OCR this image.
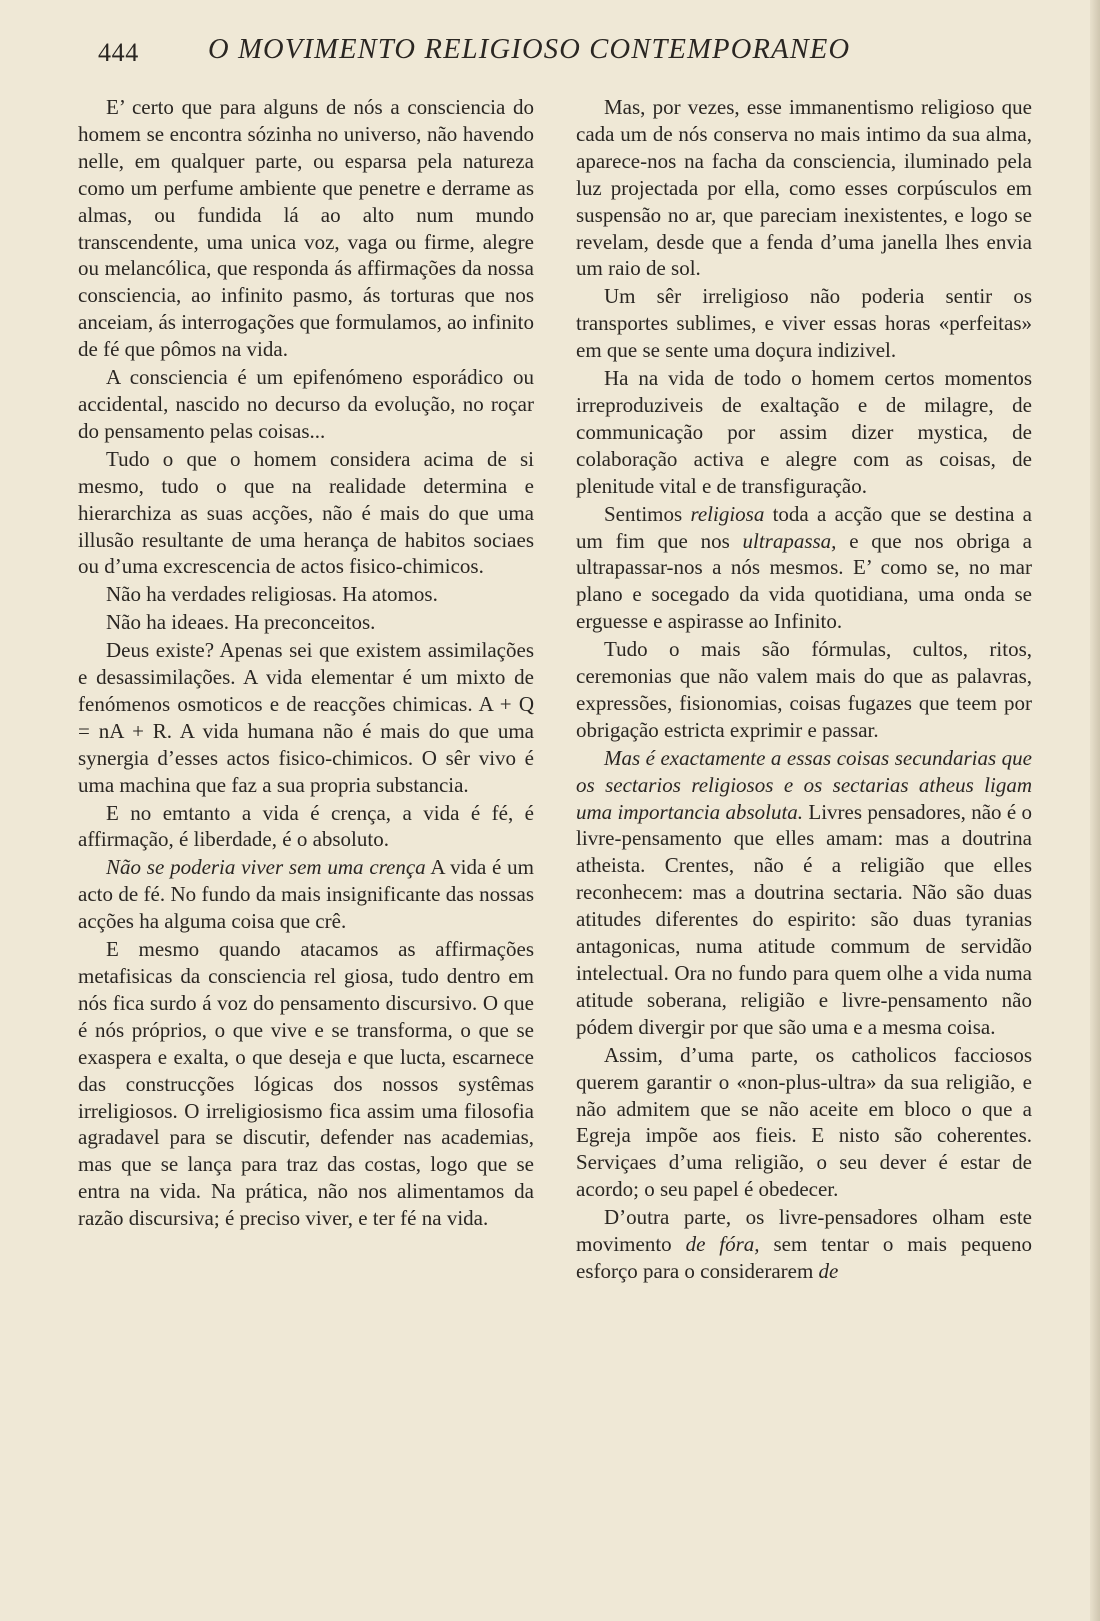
444 O MOVIMENTO RELIGIOSO CONTEMPORANEO

E’ certo que para alguns de nós a consciencia do homem se encontra sózinha no universo, não havendo nelle, em qualquer parte, ou esparsa pela natureza como um perfume ambiente que penetre e derrame as almas, ou fundida lá ao alto num mundo transcendente, uma unica voz, vaga ou firme, alegre ou melancólica, que responda ás affirmações da nossa consciencia, ao infinito pasmo, ás torturas que nos anceiam, ás interrogações que formulamos, ao infinito de fé que pômos na vida.

A consciencia é um epifenómeno esporádico ou accidental, nascido no decurso da evolução, no roçar do pensamento pelas coisas...

Tudo o que o homem considera acima de si mesmo, tudo o que na realidade determina e hierarchiza as suas acções, não é mais do que uma illusão resultante de uma herança de habitos sociaes ou d’uma excrescencia de actos fisico-chimicos.

Não ha verdades religiosas. Ha atomos.

Não ha ideaes. Ha preconceitos.

Deus existe? Apenas sei que existem assimilações e desassimilações. A vida elementar é um mixto de fenómenos osmoticos e de reacções chimicas. A + Q = nA + R. A vida humana não é mais do que uma synergia d’esses actos fisico-chimicos. O sêr vivo é uma machina que faz a sua propria substancia.

E no emtanto a vida é crença, a vida é fé, é affirmação, é liberdade, é o absoluto.

Não se poderia viver sem uma crença A vida é um acto de fé. No fundo da mais insignificante das nossas acções ha alguma coisa que crê.

E mesmo quando atacamos as affirmações metafisicas da consciencia rel giosa, tudo dentro em nós fica surdo á voz do pensamento discursivo. O que é nós próprios, o que vive e se transforma, o que se exaspera e exalta, o que deseja e que lucta, escarnece das construcções lógicas dos nossos systêmas irreligiosos. O irreligiosismo fica assim uma filosofia agradavel para se discutir, defender nas academias, mas que se lança para traz das costas, logo que se entra na vida. Na prática, não nos alimentamos da razão discursiva; é preciso viver, e ter fé na vida.

Mas, por vezes, esse immanentismo religioso que cada um de nós conserva no mais intimo da sua alma, aparece-nos na facha da consciencia, iluminado pela luz projectada por ella, como esses corpúsculos em suspensão no ar, que pareciam inexistentes, e logo se revelam, desde que a fenda d’uma janella lhes envia um raio de sol.

Um sêr irreligioso não poderia sentir os transportes sublimes, e viver essas horas «perfeitas» em que se sente uma doçura indizivel.

Ha na vida de todo o homem certos momentos irreproduziveis de exaltação e de milagre, de communicação por assim dizer mystica, de colaboração activa e alegre com as coisas, de plenitude vital e de transfiguração.

Sentimos religiosa toda a acção que se destina a um fim que nos ultrapassa, e que nos obriga a ultrapassar-nos a nós mesmos. E’ como se, no mar plano e socegado da vida quotidiana, uma onda se erguesse e aspirasse ao Infinito.

Tudo o mais são fórmulas, cultos, ritos, ceremonias que não valem mais do que as palavras, expressões, fisionomias, coisas fugazes que teem por obrigação estricta exprimir e passar.

Mas é exactamente a essas coisas secundarias que os sectarios religiosos e os sectarias atheus ligam uma importancia absoluta. Livres pensadores, não é o livre-pensamento que elles amam: mas a doutrina atheista. Crentes, não é a religião que elles reconhecem: mas a doutrina sectaria. Não são duas atitudes diferentes do espirito: são duas tyranias antagonicas, numa atitude commum de servidão intelectual. Ora no fundo para quem olhe a vida numa atitude soberana, religião e livre-pensamento não pódem divergir por que são uma e a mesma coisa.

Assim, d’uma parte, os catholicos facciosos querem garantir o «non-plus-ultra» da sua religião, e não admitem que se não aceite em bloco o que a Egreja impõe aos fieis. E nisto são coherentes. Serviçaes d’uma religião, o seu dever é estar de acordo; o seu papel é obedecer.

D’outra parte, os livre-pensadores olham este movimento de fóra, sem tentar o mais pequeno esforço para o considerarem de
